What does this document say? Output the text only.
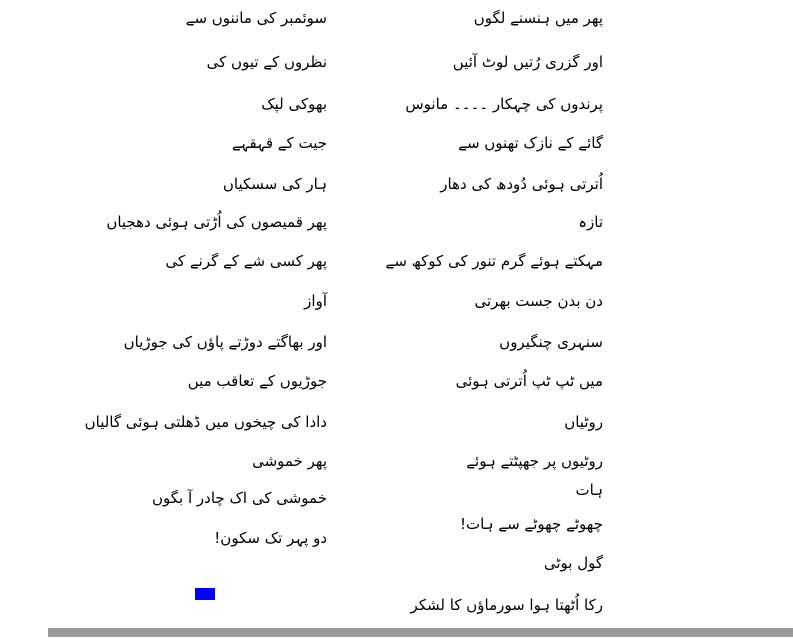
پھر میں ہنسنے لگوں
اور گزری رُتیں لوٹ آئیں
پرندوں کی چہکار ۔۔۔۔ مانوس
گائے کے نازک تھنوں سے
اُترتی ہوئی دُودھ کی دھار
تازہ
مہکتے ہوئے گرم تنور کی کوکھ سے
دن بدن جست بھرتی
سنہری چنگیروں
میں ٹپ ٹپ اُترتی ہوئی
روٹیاں
روٹیوں پر جھپٹتے ہوئے
ہات
چھوٹے چھوٹے سے ہات!
گول بوٹی
رکا اُٹھتا ہوا سورماؤں کا لشکر
سوئمبر کی ماننوں سے
نظروں کے تیوں کی
بھوکی لپک
جیت کے قہقہے
ہار کی سسکیاں
پھر قمیصوں کی اُڑتی ہوئی دھجیاں
پھر کسی شے کے گرنے کی
آواز
اور بھاگتے دوڑتے پاؤں کی جوڑیاں
جوڑیوں کے تعاقب میں
دادا کی چیخوں میں ڈھلتی ہوئی گالیاں
پھر خموشی
خموشی کی اک چادر آ بگوں
دو پہر تک سکون!
